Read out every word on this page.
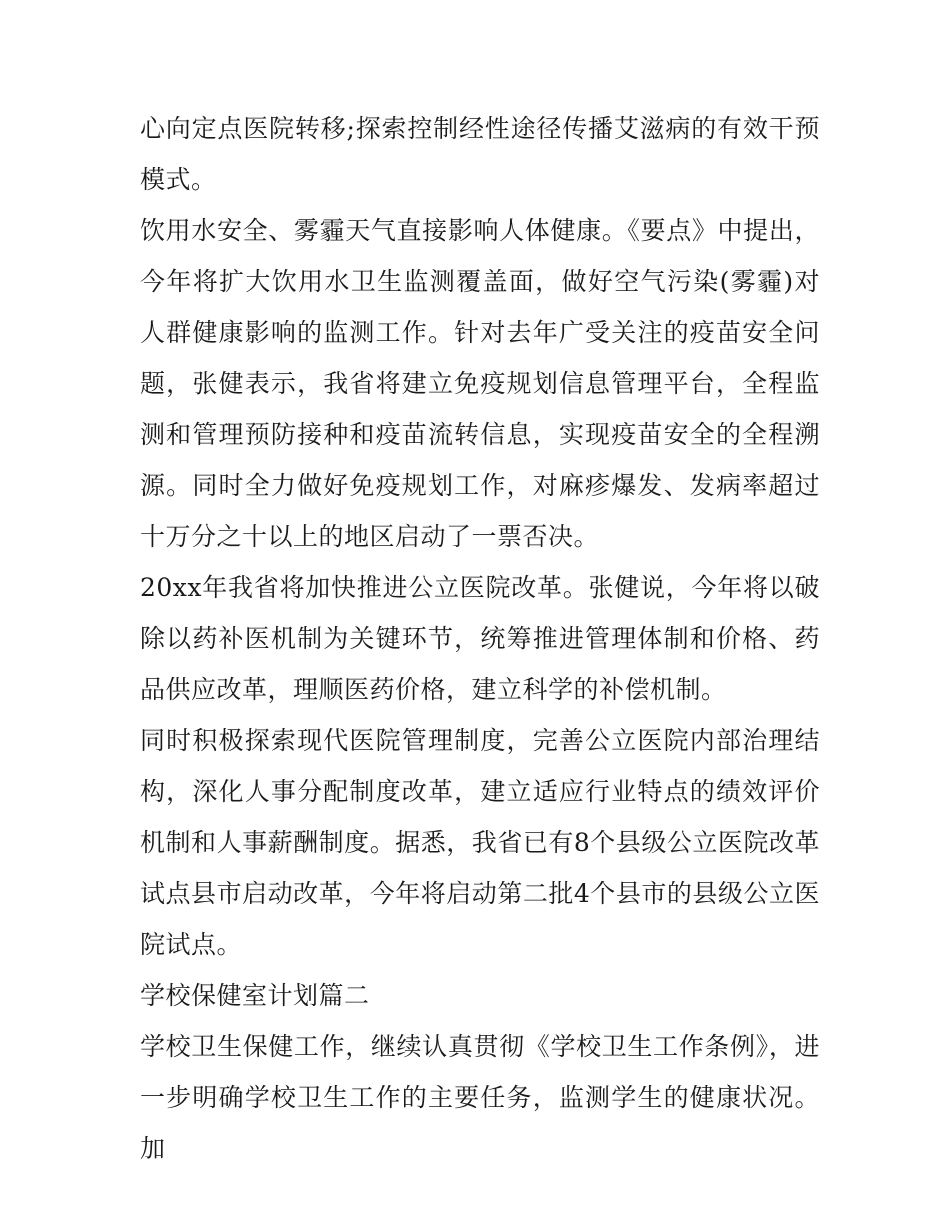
心向定点医院转移;探索控制经性途径传播艾滋病的有效干预模式。

饮用水安全、雾霾天气直接影响人体健康。《要点》中提出，今年将扩大饮用水卫生监测覆盖面，做好空气污染(雾霾)对人群健康影响的监测工作。针对去年广受关注的疫苗安全问题，张健表示，我省将建立免疫规划信息管理平台，全程监测和管理预防接种和疫苗流转信息，实现疫苗安全的全程溯源。同时全力做好免疫规划工作，对麻疹爆发、发病率超过十万分之十以上的地区启动了一票否决。

20xx年我省将加快推进公立医院改革。张健说，今年将以破除以药补医机制为关键环节，统筹推进管理体制和价格、药品供应改革，理顺医药价格，建立科学的补偿机制。

同时积极探索现代医院管理制度，完善公立医院内部治理结构，深化人事分配制度改革，建立适应行业特点的绩效评价机制和人事薪酬制度。据悉，我省已有8个县级公立医院改革试点县市启动改革，今年将启动第二批4个县市的县级公立医院试点。

学校保健室计划篇二

学校卫生保健工作，继续认真贯彻《学校卫生工作条例》，进一步明确学校卫生工作的主要任务，监测学生的健康状况。加
